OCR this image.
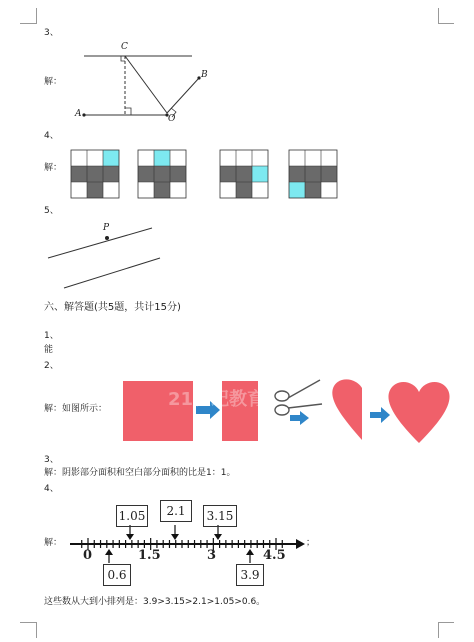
3、
解：
C
A	O
B
4、
解：
5、
P
六、解答题(共5题，共计15分)
1、
能
2、
解：如图所示：	21世纪教育
3、
解：阴影部分面积和空白部分面积的比是1：1。
4、
解：	；
1.05	2.1	3.15
0.6	3.9
0	1.5	3	4.5
这些数从大到小排列是：3.9>3.15>2.1>1.05>0.6。
